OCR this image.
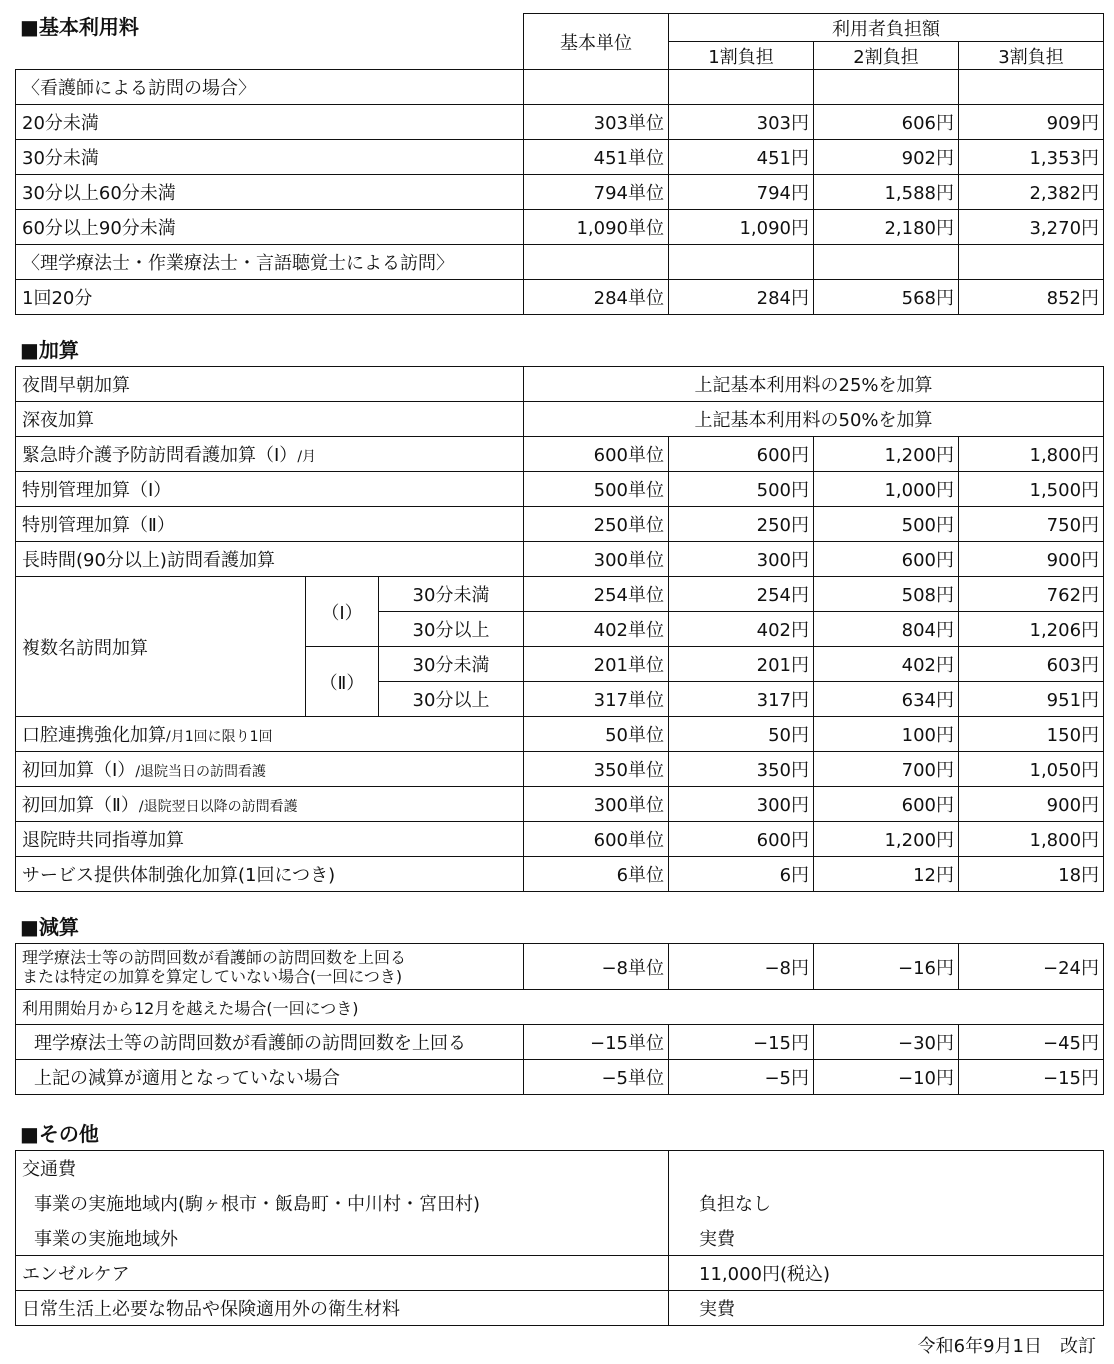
■基本利用料
	基本単位	利用者負担額		
		1割負担	2割負担	3割負担
〈看護師による訪問の場合〉				
20分未満	303単位	303円	606円	909円
30分未満	451単位	451円	902円	1,353円
30分以上60分未満	794単位	794円	1,588円	2,382円
60分以上90分未満	1,090単位	1,090円	2,180円	3,270円
〈理学療法士・作業療法士・言語聴覚士による訪問〉				
1回20分	284単位	284円	568円	852円
■加算
夜間早朝加算			上記基本利用料の25%を加算			
深夜加算			上記基本利用料の50%を加算			
緊急時介護予防訪問看護加算（Ⅰ）/月			600単位	600円	1,200円	1,800円
特別管理加算（Ⅰ）			500単位	500円	1,000円	1,500円
特別管理加算（Ⅱ）			250単位	250円	500円	750円
長時間(90分以上)訪問看護加算			300単位	300円	600円	900円
複数名訪問加算	（Ⅰ）	30分未満	254単位	254円	508円	762円
		30分以上	402単位	402円	804円	1,206円
	（Ⅱ）	30分未満	201単位	201円	402円	603円
		30分以上	317単位	317円	634円	951円
口腔連携強化加算/月1回に限り1回			50単位	50円	100円	150円
初回加算（Ⅰ）/退院当日の訪問看護			350単位	350円	700円	1,050円
初回加算（Ⅱ）/退院翌日以降の訪問看護			300単位	300円	600円	900円
退院時共同指導加算			600単位	600円	1,200円	1,800円
サービス提供体制強化加算(1回につき)			6単位	6円	12円	18円
■減算
理学療法士等の訪問回数が看護師の訪問回数を上回る
または特定の加算を算定していない場合(一回につき)	−8単位	−8円	−16円	−24円
利用開始月から12月を越えた場合(一回につき)				
理学療法士等の訪問回数が看護師の訪問回数を上回る	−15単位	−15円	−30円	−45円
上記の減算が適用となっていない場合	−5単位	−5円	−10円	−15円
■その他
交通費	
事業の実施地域内(駒ヶ根市・飯島町・中川村・宮田村)	負担なし
事業の実施地域外	実費
エンゼルケア	11,000円(税込)
日常生活上必要な物品や保険適用外の衛生材料	実費
令和6年9月1日　改訂
